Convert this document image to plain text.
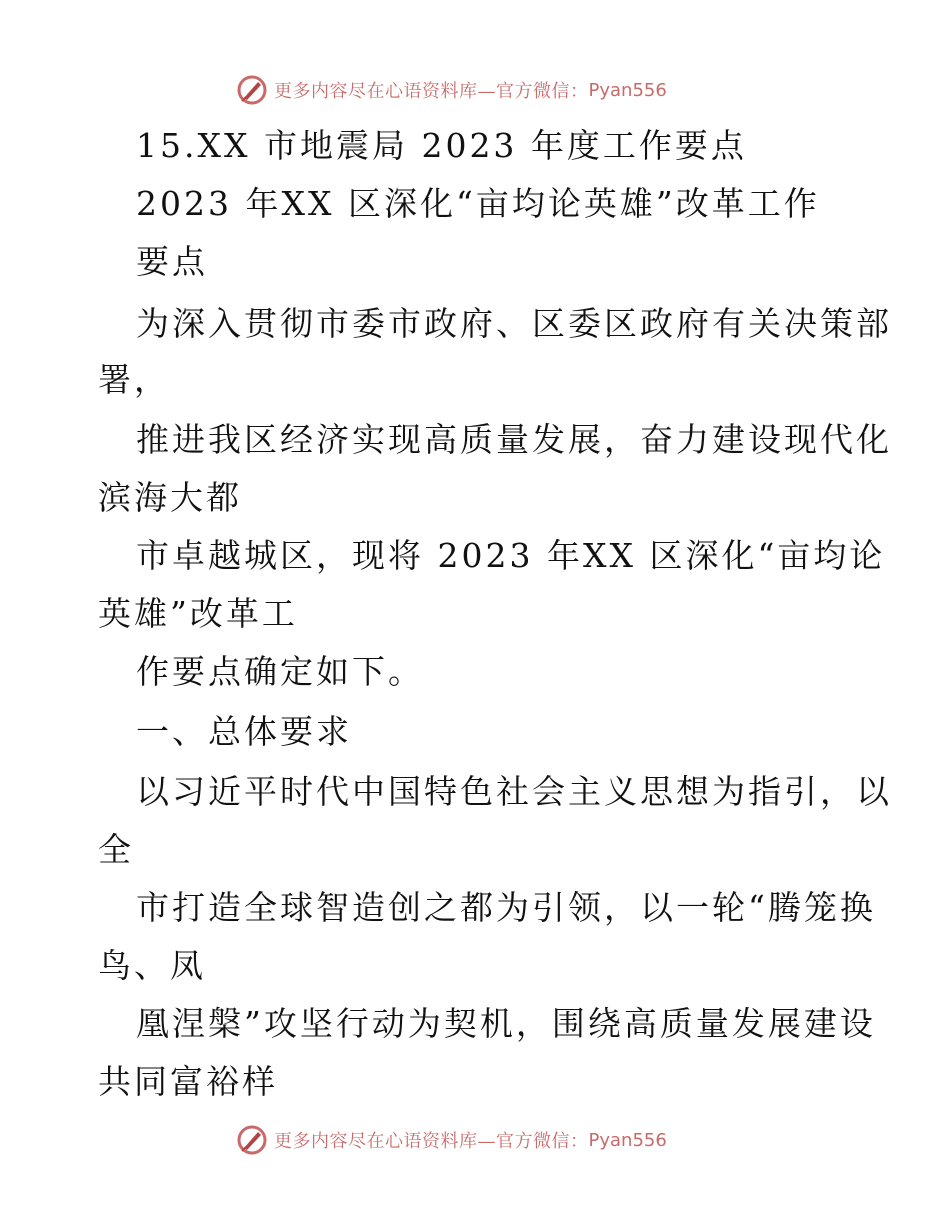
更多内容尽在心语资料库—官方微信： Pyan556
15.XX 市地震局 2023 年度工作要点
2023 年XX 区深化“亩均论英雄”改革工作
要点
为深入贯彻市委市政府、区委区政府有关决策部
署，
推进我区经济实现高质量发展，奋力建设现代化
滨海大都
市卓越城区，现将 2023 年XX 区深化“亩均论
英雄”改革工
作要点确定如下。
一、总体要求
以习近平时代中国特色社会主义思想为指引，以
全
市打造全球智造创之都为引领，以一轮“腾笼换
鸟、凤
凰涅槃”攻坚行动为契机，围绕高质量发展建设
共同富裕样
更多内容尽在心语资料库—官方微信： Pyan556
